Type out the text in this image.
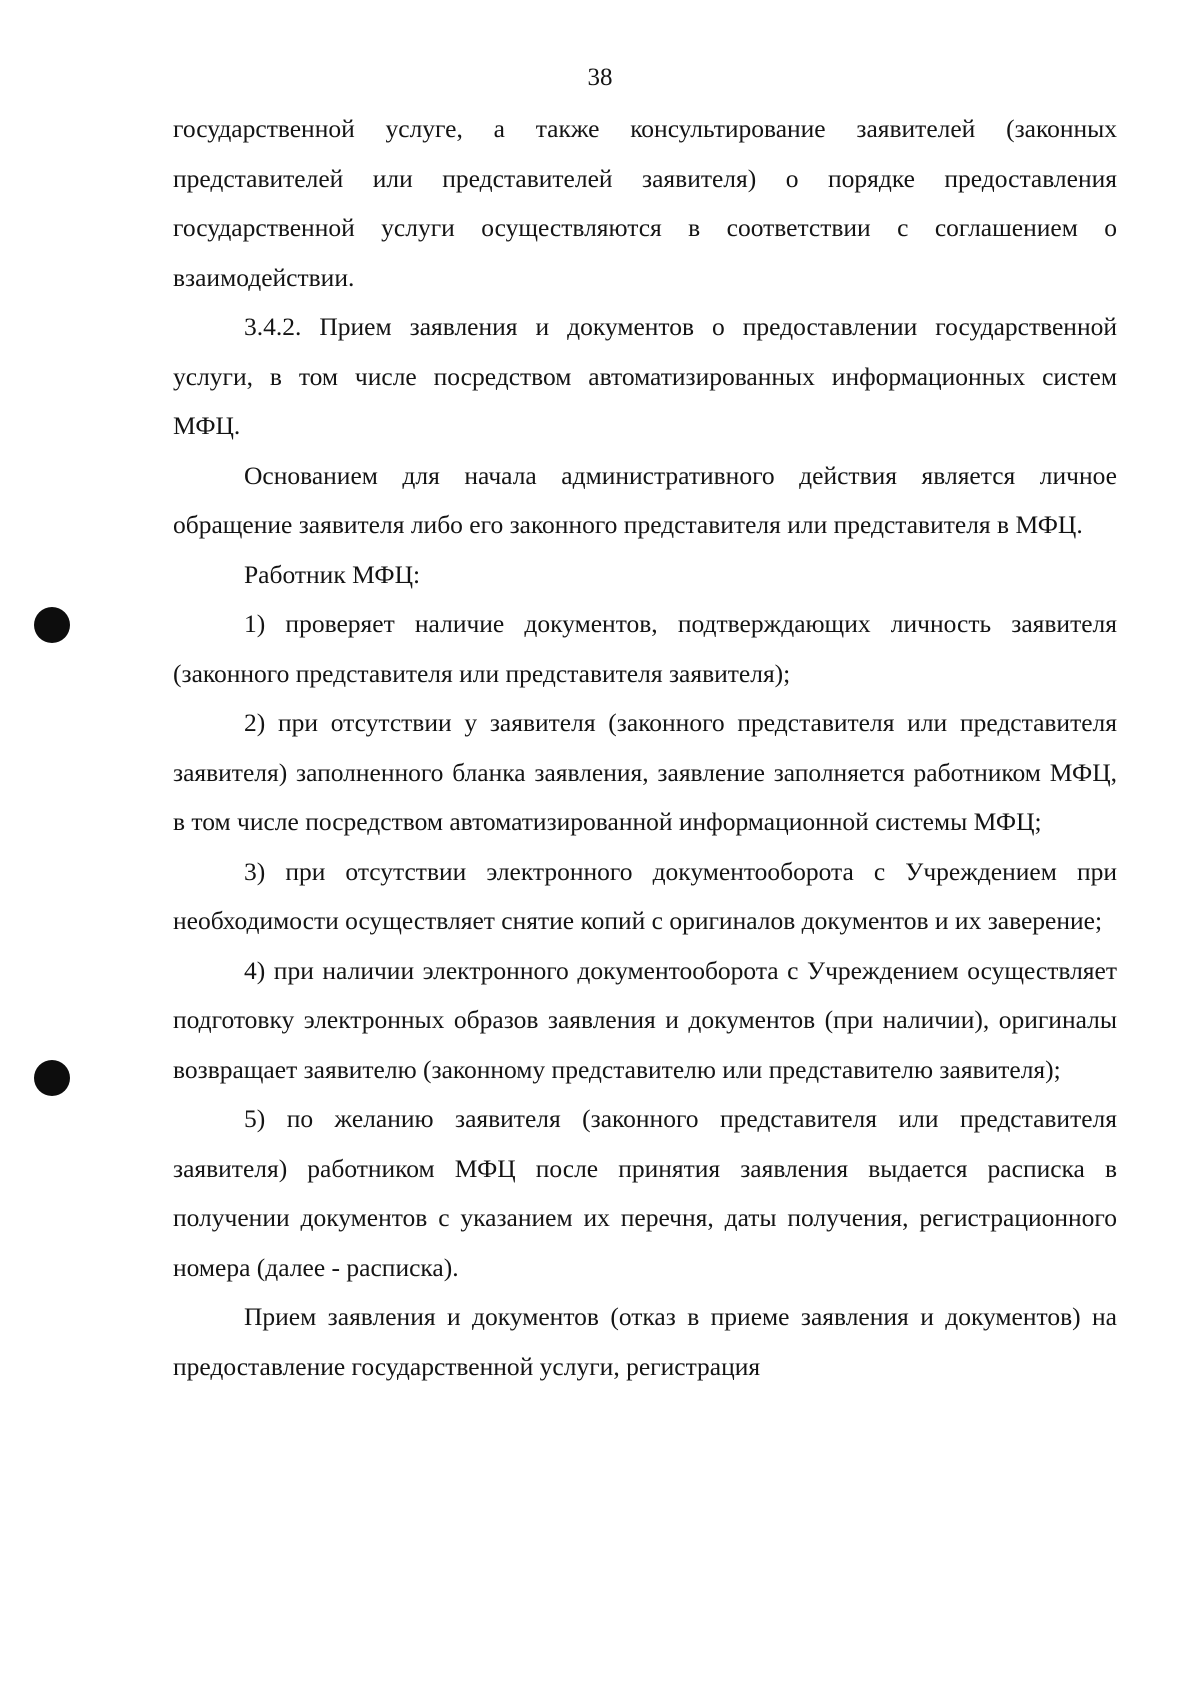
38

государственной услуге, а также консультирование заявителей (законных представителей или представителей заявителя) о порядке предоставления государственной услуги осуществляются в соответствии с соглашением о взаимодействии.

3.4.2. Прием заявления и документов о предоставлении государственной услуги, в том числе посредством автоматизированных информационных систем МФЦ.

Основанием для начала административного действия является личное обращение заявителя либо его законного представителя или представителя в МФЦ.

Работник МФЦ:

1) проверяет наличие документов, подтверждающих личность заявителя (законного представителя или представителя заявителя);

2) при отсутствии у заявителя (законного представителя или представителя заявителя) заполненного бланка заявления, заявление заполняется работником МФЦ, в том числе посредством автоматизированной информационной системы МФЦ;

3) при отсутствии электронного документооборота с Учреждением при необходимости осуществляет снятие копий с оригиналов документов и их заверение;

4) при наличии электронного документооборота с Учреждением осуществляет подготовку электронных образов заявления и документов (при наличии), оригиналы возвращает заявителю (законному представителю или представителю заявителя);

5) по желанию заявителя (законного представителя или представителя заявителя) работником МФЦ после принятия заявления выдается расписка в получении документов с указанием их перечня, даты получения, регистрационного номера (далее - расписка).

Прием заявления и документов (отказ в приеме заявления и документов) на предоставление государственной услуги, регистрация
